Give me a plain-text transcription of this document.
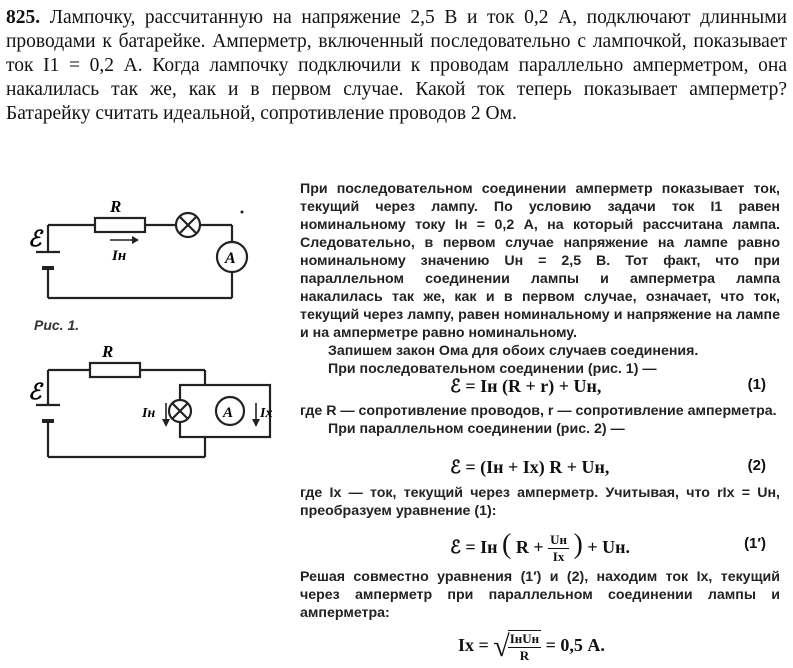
825. Лампочку, рассчитанную на напряжение 2,5 В и ток 0,2 А, подключают длинными проводами к батарейке. Амперметр, включенный последовательно с лампочкой, показывает ток I1 = 0,2 А. Когда лампочку подключили к проводам параллельно амперметром, она накалилась так же, как и в первом случае. Какой ток теперь показывает амперметр? Батарейку считать идеальной, сопротивление проводов 2 Ом.
R
Iн	A
ℰ
Рис. 1.
R
ℰ
A
Iн	Ix

При последовательном соединении амперметр показывает ток, текущий через лампу. По условию задачи ток I1 равен номинальному току Iн = 0,2 А, на который рассчитана лампа. Следовательно, в первом случае напряжение на лампе равно номинальному значению Uн = 2,5 В. Тот факт, что при параллельном соединении лампы и амперметра лампа накалилась так же, как и в первом случае, означает, что ток, текущий через лампу, равен номинальному и напряжение на лампе и на амперметре равно номинальному.

Запишем закон Ома для обоих случаев соединения.

При последовательном соединении (рис. 1) —

ℰ = Iн (R + r) + Uн,	(1)

где R — сопротивление проводов, r — сопротивление амперметра.

При параллельном соединении (рис. 2) —

ℰ = (Iн + Ix) R + Uн,	(2)

где Ix — ток, текущий через амперметр. Учитывая, что rIx = Uн, преобразуем уравнение (1):

ℰ = Iн ( $R + \frac{Uн}{Ix}$ ) + Uн.	(1′)

Решая совместно уравнения (1′) и (2), находим ток Ix, текущий через амперметр при параллельном соединении лампы и амперметра:

Ix = √
$\frac{\text{IнUн}}{R} = 0,5$ А.
